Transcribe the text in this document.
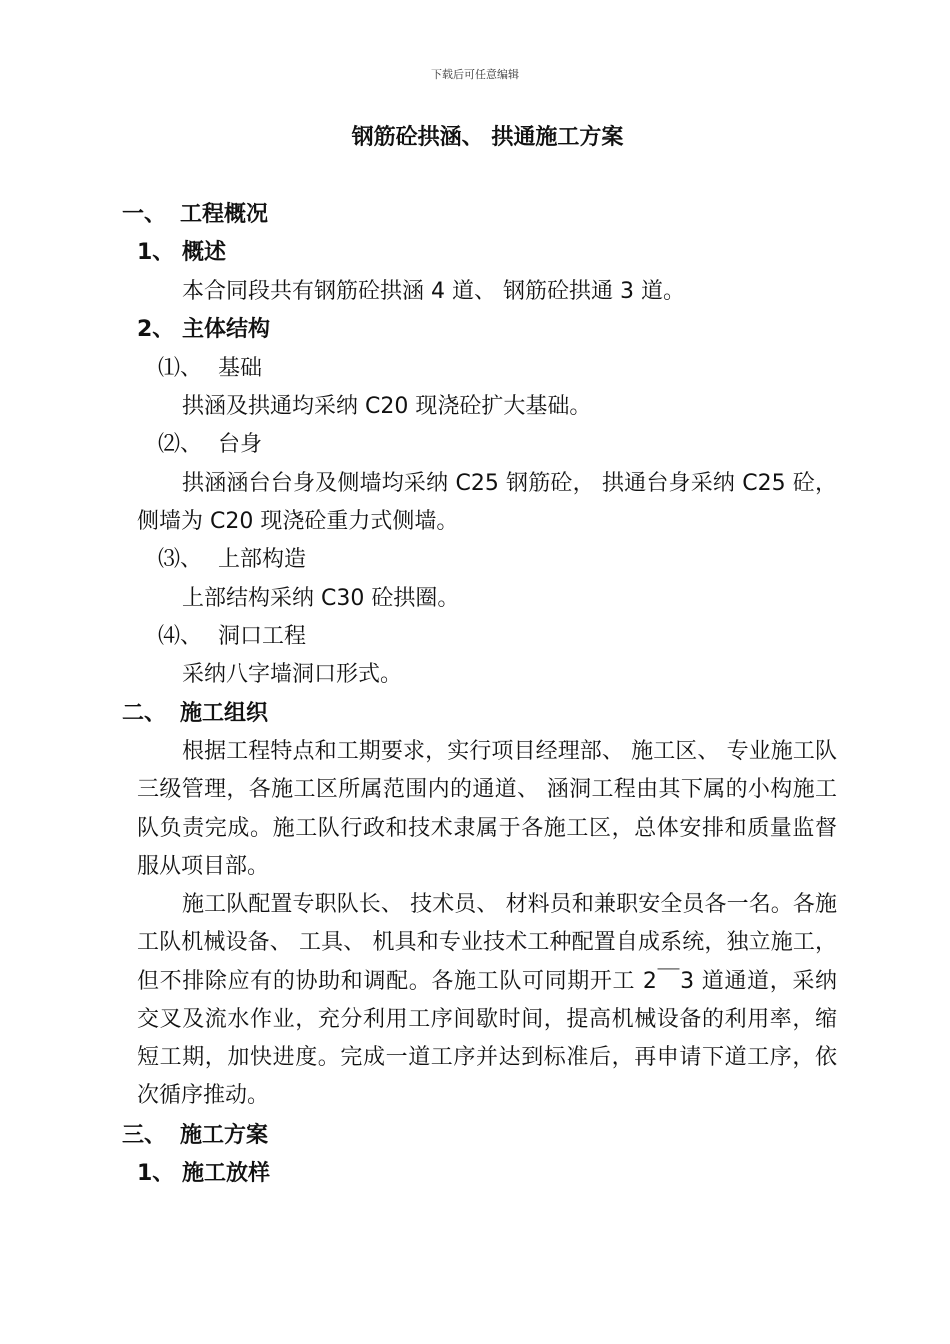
下载后可任意编辑
钢筋砼拱涵、 拱通施工方案
一、 工程概况
1、 概述
本合同段共有钢筋砼拱涵 4 道、 钢筋砼拱通 3 道。
2、 主体结构
⑴、 基础
拱涵及拱通均采纳 C20 现浇砼扩大基础。
⑵、 台身
拱涵涵台台身及侧墙均采纳 C25 钢筋砼， 拱通台身采纳 C25 砼，侧墙为 C20 现浇砼重力式侧墙。
⑶、 上部构造
上部结构采纳 C30 砼拱圈。
⑷、 洞口工程
采纳八字墙洞口形式。
二、 施工组织
根据工程特点和工期要求，实行项目经理部、 施工区、 专业施工队三级管理，各施工区所属范围内的通道、 涵洞工程由其下属的小构施工队负责完成。施工队行政和技术隶属于各施工区，总体安排和质量监督服从项目部。
施工队配置专职队长、 技术员、 材料员和兼职安全员各一名。各施工队机械设备、 工具、 机具和专业技术工种配置自成系统，独立施工，但不排除应有的协助和调配。各施工队可同期开工 2￣3 道通道，采纳交叉及流水作业，充分利用工序间歇时间，提高机械设备的利用率，缩短工期，加快进度。完成一道工序并达到标准后，再申请下道工序，依次循序推动。
三、 施工方案
1、 施工放样
